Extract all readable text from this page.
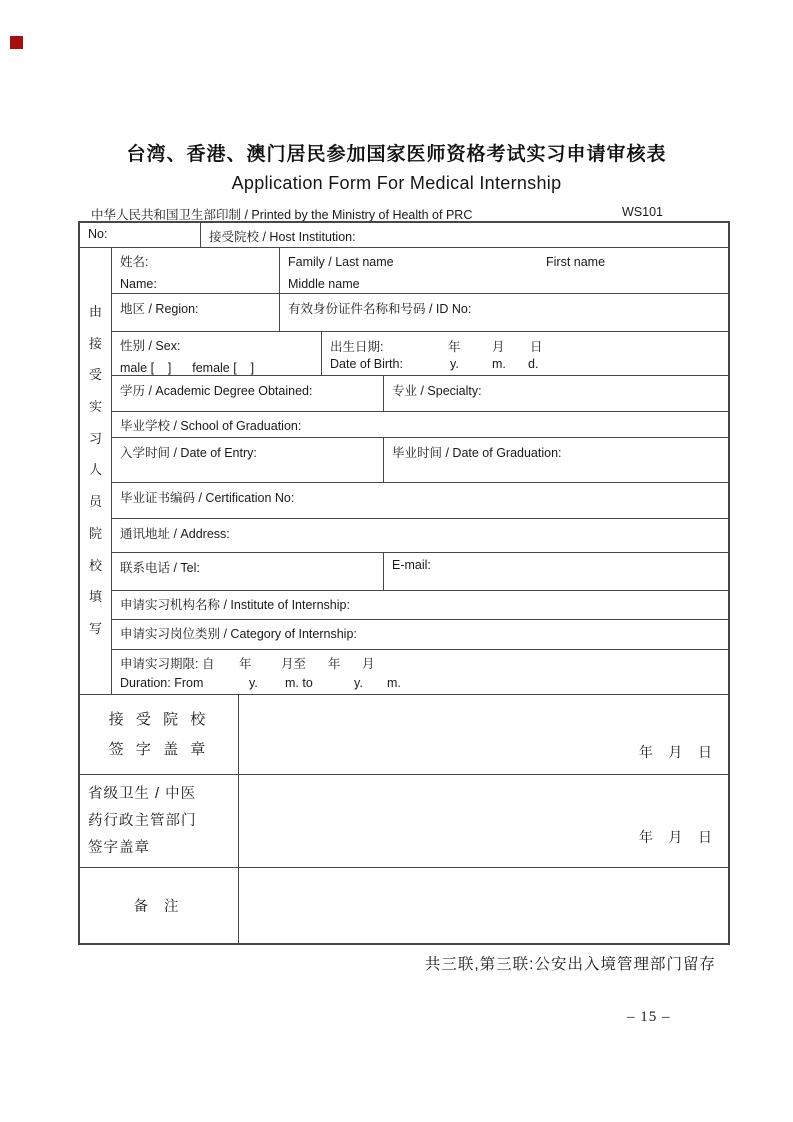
台湾、香港、澳门居民参加国家医师资格考试实习申请审核表
Application Form For Medical Internship
中华人民共和国卫生部印制 / Printed by the Ministry of Health of PRC	WS101
No:	接受院校 / Host Institution:
由
接
受
实
习
人
员
院
校
填
写
姓名:
Name:
Family / Last name	First name
Middle name
地区 / Region:	有效身份证件名称和号码 / ID No:
性别 / Sex:
male [    ]      female [    ]
出生日期:	年	月 日
Date of Birth:	y.	m. d.
学历 / Academic Degree Obtained:	专业 / Specialty:
毕业学校 / School of Graduation:
入学时间 / Date of Entry:	毕业时间 / Date of Graduation:
毕业证书编码 / Certification No:
通讯地址 / Address:
联系电话 / Tel:	E-mail:
申请实习机构名称 / Institute of Internship:
申请实习岗位类别 / Category of Internship:
申请实习期限: 自 年 月至 年 月
Duration: From	y. m. to	y. m.
接 受 院 校
签 字 盖 章	年    月    日
省级卫生 / 中医
药行政主管部门
签字盖章
年    月    日
备 注
共三联,第三联:公安出入境管理部门留存
– 15 –
